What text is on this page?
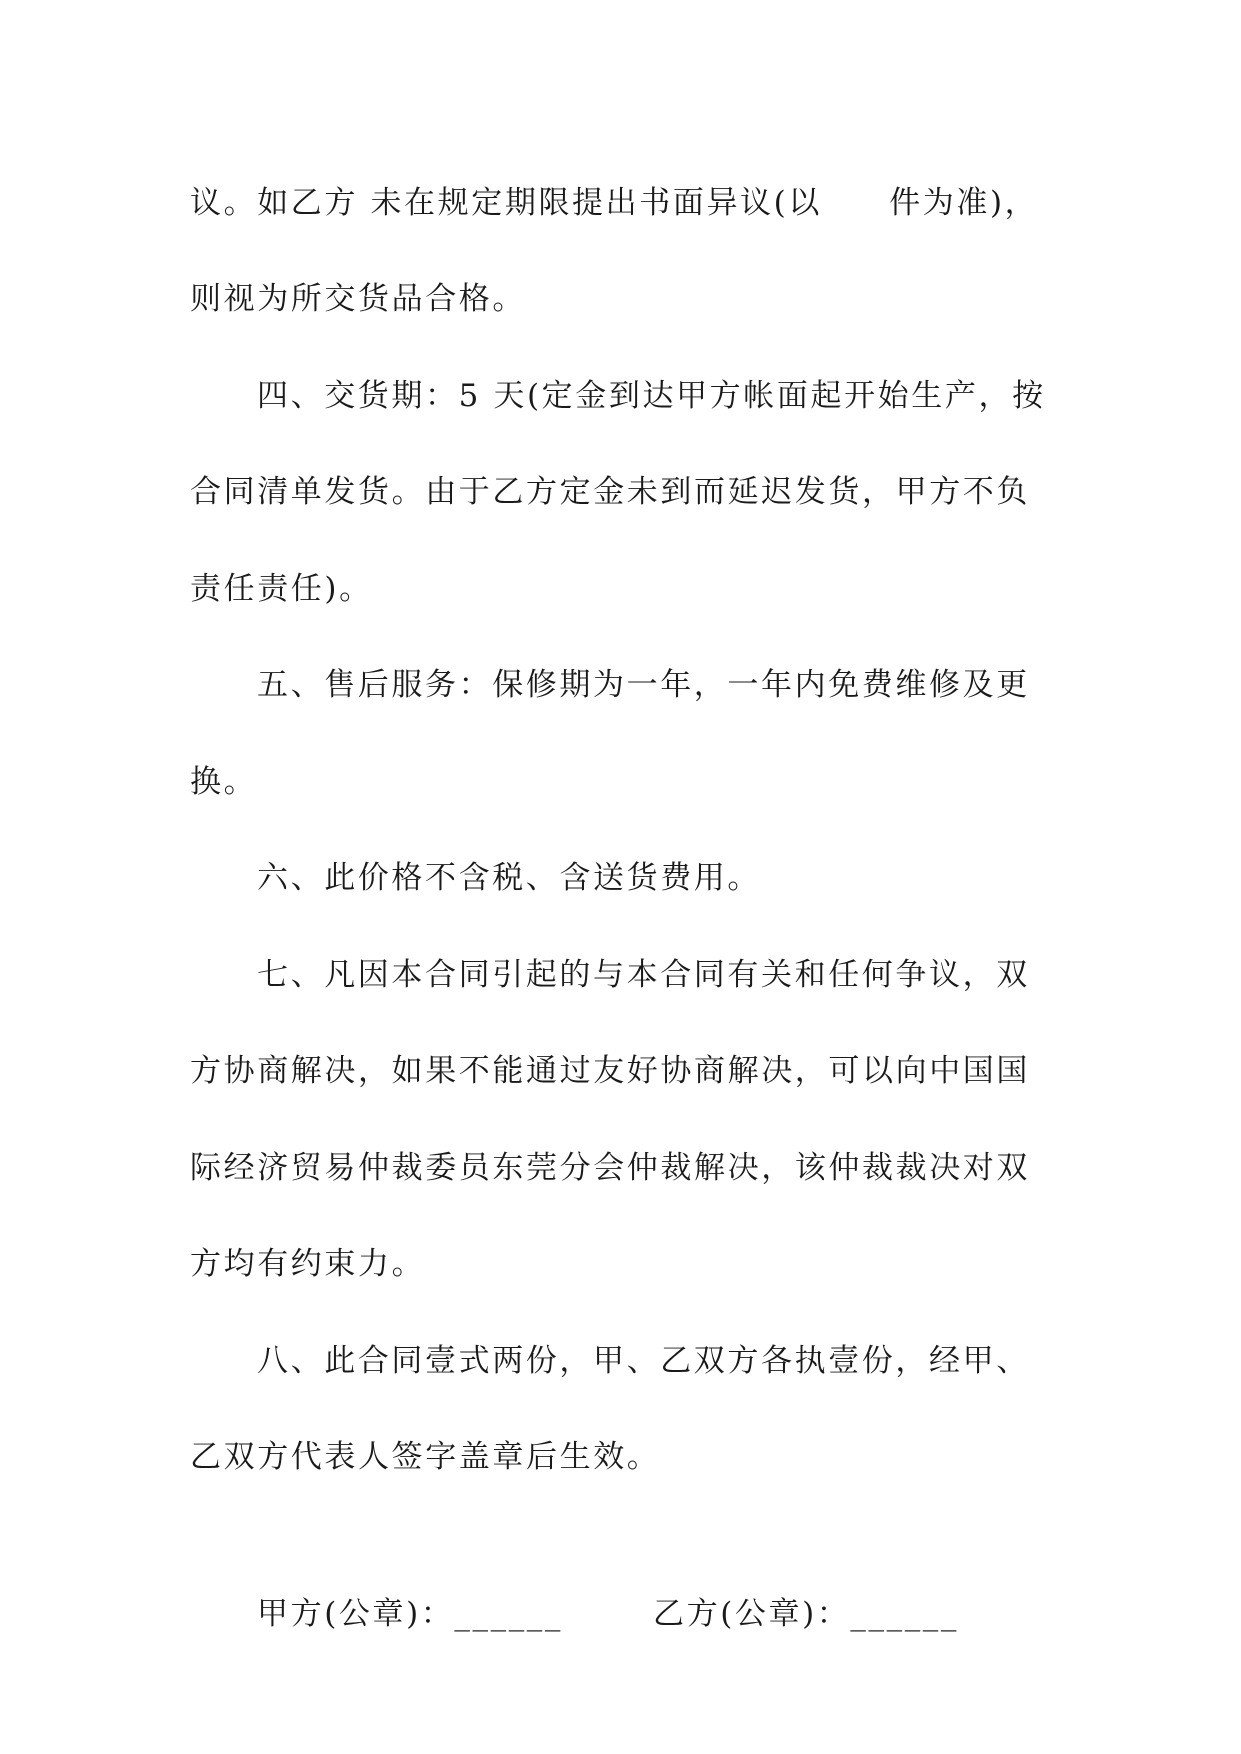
议。如乙方 未在规定期限提出书面异议(以　　件为准)，
则视为所交货品合格。
四、交货期：5 天(定金到达甲方帐面起开始生产，按
合同清单发货。由于乙方定金未到而延迟发货，甲方不负
责任责任)。
五、售后服务：保修期为一年，一年内免费维修及更
换。
六、此价格不含税、含送货费用。
七、凡因本合同引起的与本合同有关和任何争议，双
方协商解决，如果不能通过友好协商解决，可以向中国国
际经济贸易仲裁委员东莞分会仲裁解决，该仲裁裁决对双
方均有约束力。
八、此合同壹式两份，甲、乙双方各执壹份，经甲、
乙双方代表人签字盖章后生效。
甲方(公章)：______	乙方(公章)：______
